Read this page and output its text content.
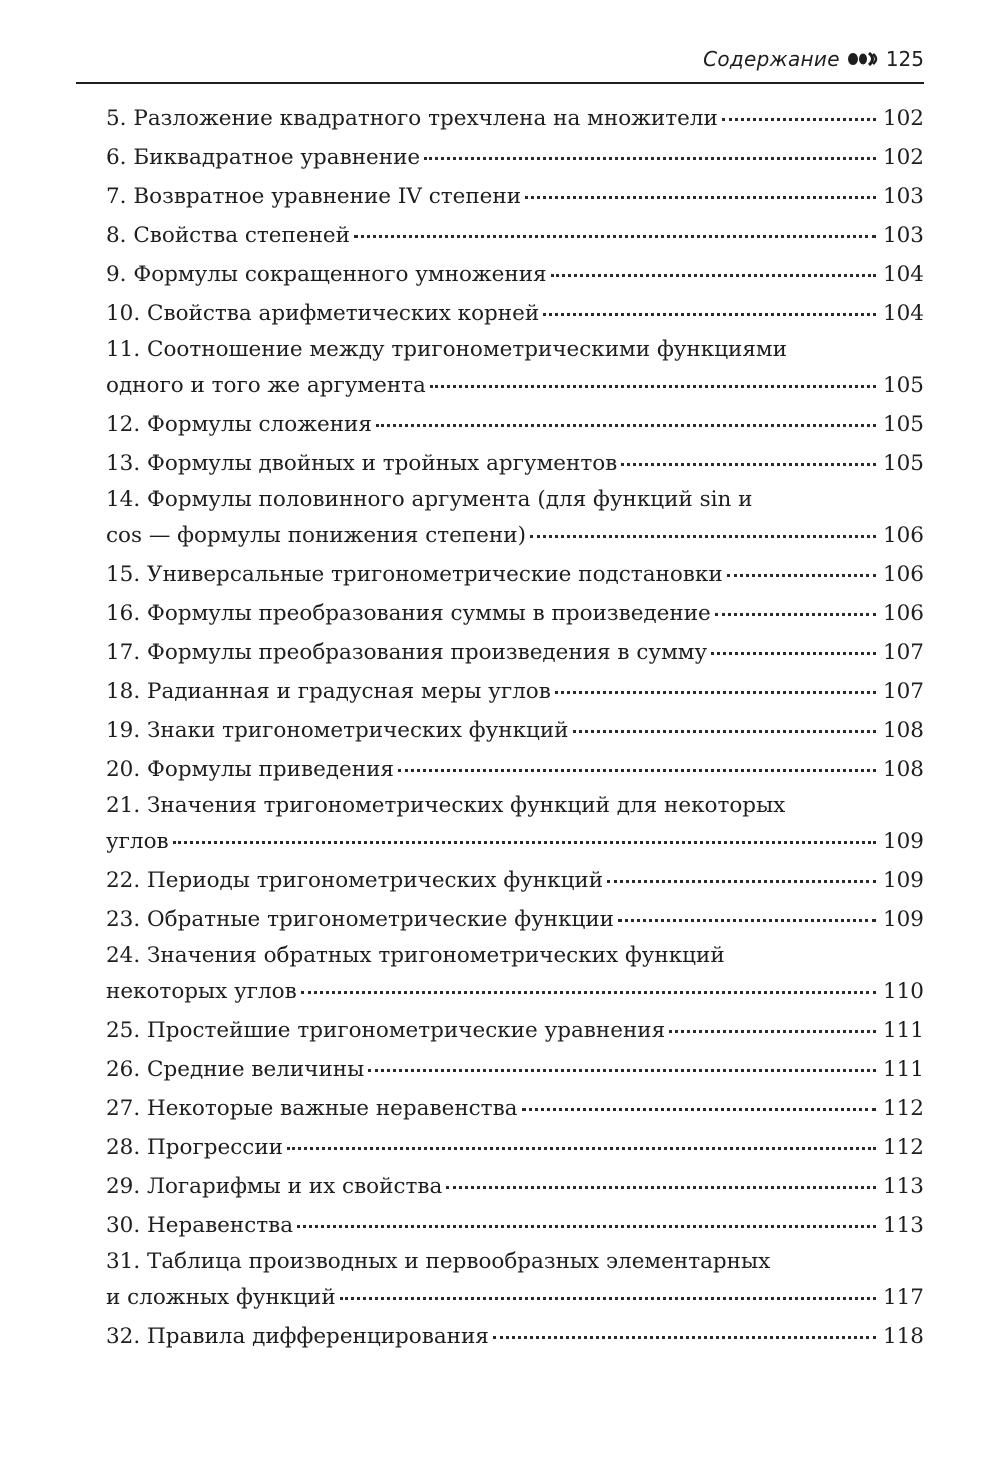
Содержание 125
5. Разложение квадратного трехчлена на множители	102
6. Биквадратное уравнение	102
7. Возвратное уравнение IV степени	103
8. Свойства степеней	103
9. Формулы сокращенного умножения	104
10. Свойства арифметических корней	104
11. Соотношение между тригонометрическими функциями
одного и того же аргумента	105
12. Формулы сложения	105
13. Формулы двойных и тройных аргументов	105
14. Формулы половинного аргумента (для функций sin и
cos — формулы понижения степени)	106
15. Универсальные тригонометрические подстановки	106
16. Формулы преобразования суммы в произведение	106
17. Формулы преобразования произведения в сумму	107
18. Радианная и градусная меры углов	107
19. Знаки тригонометрических функций	108
20. Формулы приведения	108
21. Значения тригонометрических функций для некоторых
углов	109
22. Периоды тригонометрических функций	109
23. Обратные тригонометрические функции	109
24. Значения обратных тригонометрических функций
некоторых углов	110
25. Простейшие тригонометрические уравнения	111
26. Средние величины	111
27. Некоторые важные неравенства	112
28. Прогрессии	112
29. Логарифмы и их свойства	113
30. Неравенства	113
31. Таблица производных и первообразных элементарных
и сложных функций	117
32. Правила дифференцирования	118
